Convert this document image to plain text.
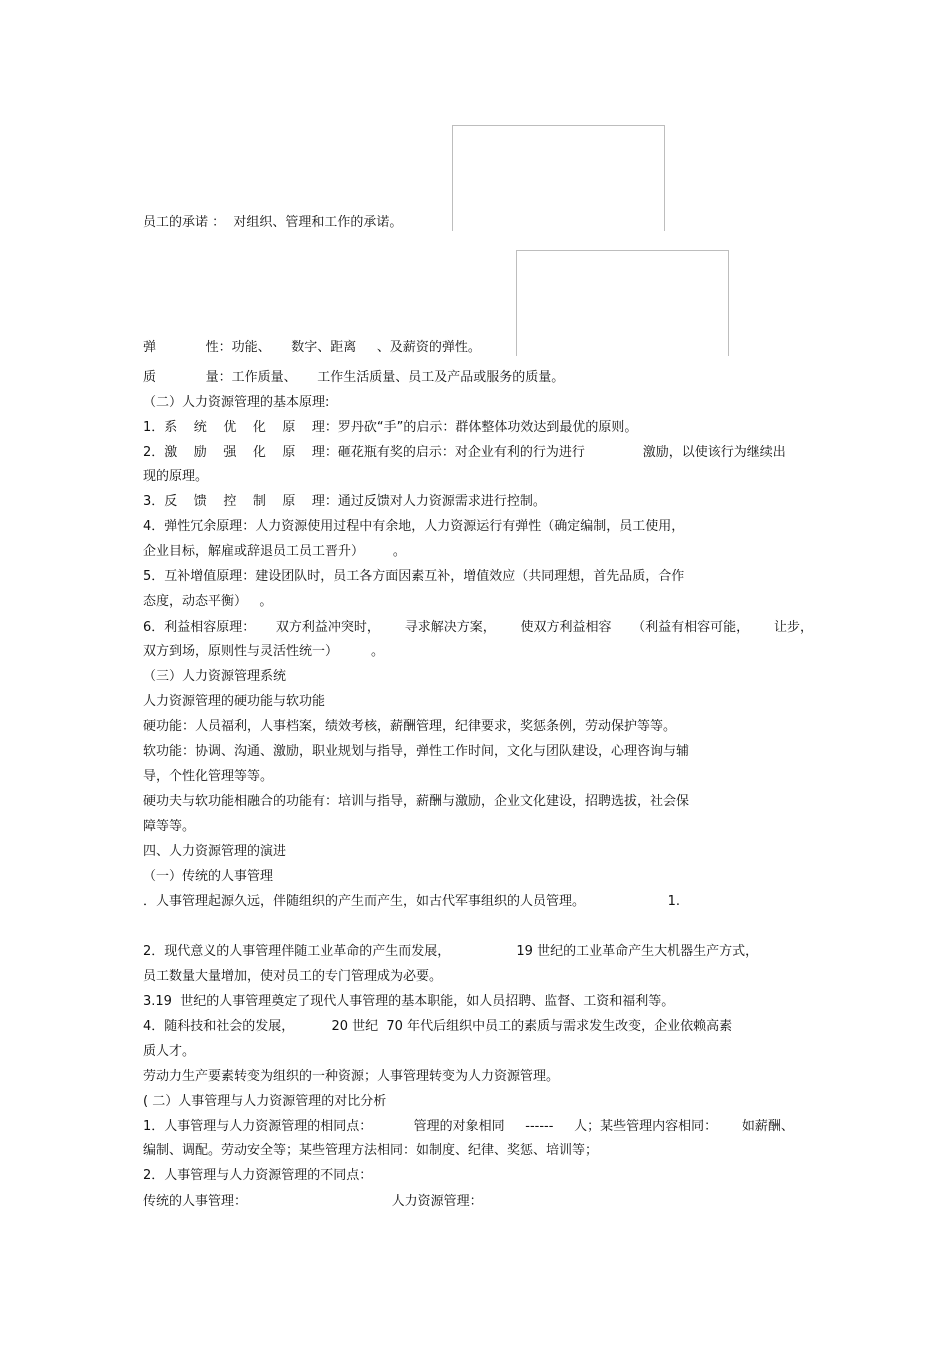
员工的承诺 ：  对组织、管理和工作的承诺。
弹            性：功能、     数字、距离     、及薪资的弹性。
质            量：工作质量、     工作生活质量、员工及产品或服务的质量。
（二）人力资源管理的基本原理:
1．系    统    优    化    原    理：罗丹砍“手”的启示：群体整体功效达到最优的原则。
2．激    励    强    化    原    理：砸花瓶有奖的启示：对企业有利的行为进行              激励，以使该行为继续出
现的原理。
3．反    馈    控    制    原    理：通过反馈对人力资源需求进行控制。
4．弹性冗余原理：人力资源使用过程中有余地，人力资源运行有弹性（确定编制，员工使用，
企业目标，解雇或辞退员工员工晋升）       。
5．互补增值原理：建设团队时，员工各方面因素互补，增值效应（共同理想，首先品质，合作
态度，动态平衡）   。
6．利益相容原理：     双方利益冲突时，      寻求解决方案，      使双方利益相容     （利益有相容可能，      让步，
双方到场，原则性与灵活性统一）        。
（三）人力资源管理系统
人力资源管理的硬功能与软功能
硬功能：人员福利，人事档案，绩效考核，薪酬管理，纪律要求，奖惩条例，劳动保护等等。
软功能：协调、沟通、激励，职业规划与指导，弹性工作时间，文化与团队建设，心理咨询与辅
导，个性化管理等等。
硬功夫与软功能相融合的功能有：培训与指导，薪酬与激励，企业文化建设，招聘选拔，社会保
障等等。
四、人力资源管理的演进
（一）传统的人事管理
．人事管理起源久远，伴随组织的产生而产生，如古代军事组织的人员管理。                    1.
2．现代意义的人事管理伴随工业革命的产生而发展，                19 世纪的工业革命产生大机器生产方式，
员工数量大量增加，使对员工的专门管理成为必要。
3.19  世纪的人事管理奠定了现代人事管理的基本职能，如人员招聘、监督、工资和福利等。
4．随科技和社会的发展，         20 世纪  70 年代后组织中员工的素质与需求发生改变，企业依赖高素
质人才。
劳动力生产要素转变为组织的一种资源；人事管理转变为人力资源管理。
( 二）人事管理与人力资源管理的对比分析
1．人事管理与人力资源管理的相同点：          管理的对象相同     ------     人；某些管理内容相同：      如薪酬、
编制、调配。劳动安全等；某些管理方法相同：如制度、纪律、奖惩、培训等；
2．人事管理与人力资源管理的不同点：
传统的人事管理：                                   人力资源管理：
